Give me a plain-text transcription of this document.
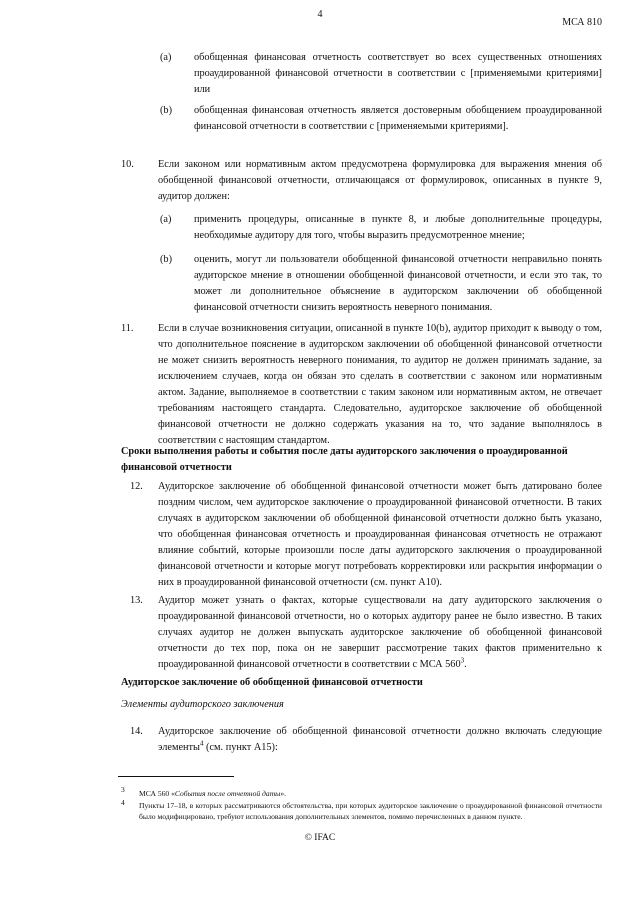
4
МСА 810
(a) обобщенная финансовая отчетность соответствует во всех существенных отношениях проаудированной финансовой отчетности в соответствии с [применяемыми критериями] или
(b) обобщенная финансовая отчетность является достоверным обобщением проаудированной финансовой отчетности в соответствии с [применяемыми критериями].
10. Если законом или нормативным актом предусмотрена формулировка для выражения мнения об обобщенной финансовой отчетности, отличающаяся от формулировок, описанных в пункте 9, аудитор должен:
(a) применить процедуры, описанные в пункте 8, и любые дополнительные процедуры, необходимые аудитору для того, чтобы выразить предусмотренное мнение;
(b) оценить, могут ли пользователи обобщенной финансовой отчетности неправильно понять аудиторское мнение в отношении обобщенной финансовой отчетности, и если это так, то может ли дополнительное объяснение в аудиторском заключении об обобщенной финансовой отчетности снизить вероятность неверного понимания.
11. Если в случае возникновения ситуации, описанной в пункте 10(b), аудитор приходит к выводу о том, что дополнительное пояснение в аудиторском заключении об обобщенной финансовой отчетности не может снизить вероятность неверного понимания, то аудитор не должен принимать задание, за исключением случаев, когда он обязан это сделать в соответствии с законом или нормативным актом. Задание, выполняемое в соответствии с таким законом или нормативным актом, не отвечает требованиям настоящего стандарта. Следовательно, аудиторское заключение об обобщенной финансовой отчетности не должно содержать указания на то, что задание выполнялось в соответствии с настоящим стандартом.
Сроки выполнения работы и события после даты аудиторского заключения о проаудированной финансовой отчетности
12. Аудиторское заключение об обобщенной финансовой отчетности может быть датировано более поздним числом, чем аудиторское заключение о проаудированной финансовой отчетности. В таких случаях в аудиторском заключении об обобщенной финансовой отчетности должно быть указано, что обобщенная финансовая отчетность и проаудированная финансовая отчетность не отражают влияние событий, которые произошли после даты аудиторского заключения о проаудированной финансовой отчетности и которые могут потребовать корректировки или раскрытия информации о них в проаудированной финансовой отчетности (см. пункт А10).
13. Аудитор может узнать о фактах, которые существовали на дату аудиторского заключения о проаудированной финансовой отчетности, но о которых аудитору ранее не было известно. В таких случаях аудитор не должен выпускать аудиторское заключение об обобщенной финансовой отчетности до тех пор, пока он не завершит рассмотрение таких фактов применительно к проаудированной финансовой отчетности в соответствии с МСА $560^3$.
Аудиторское заключение об обобщенной финансовой отчетности
Элементы аудиторского заключения
14. Аудиторское заключение об обобщенной финансовой отчетности должно включать следующие элементы$^4$ (см. пункт А15):
3 МСА 560 «События после отчетной даты».
4 Пункты 17–18, в которых рассматриваются обстоятельства, при которых аудиторское заключение о проаудированной финансовой отчетности было модифицировано, требуют использования дополнительных элементов, помимо перечисленных в данном пункте.
© IFAC
